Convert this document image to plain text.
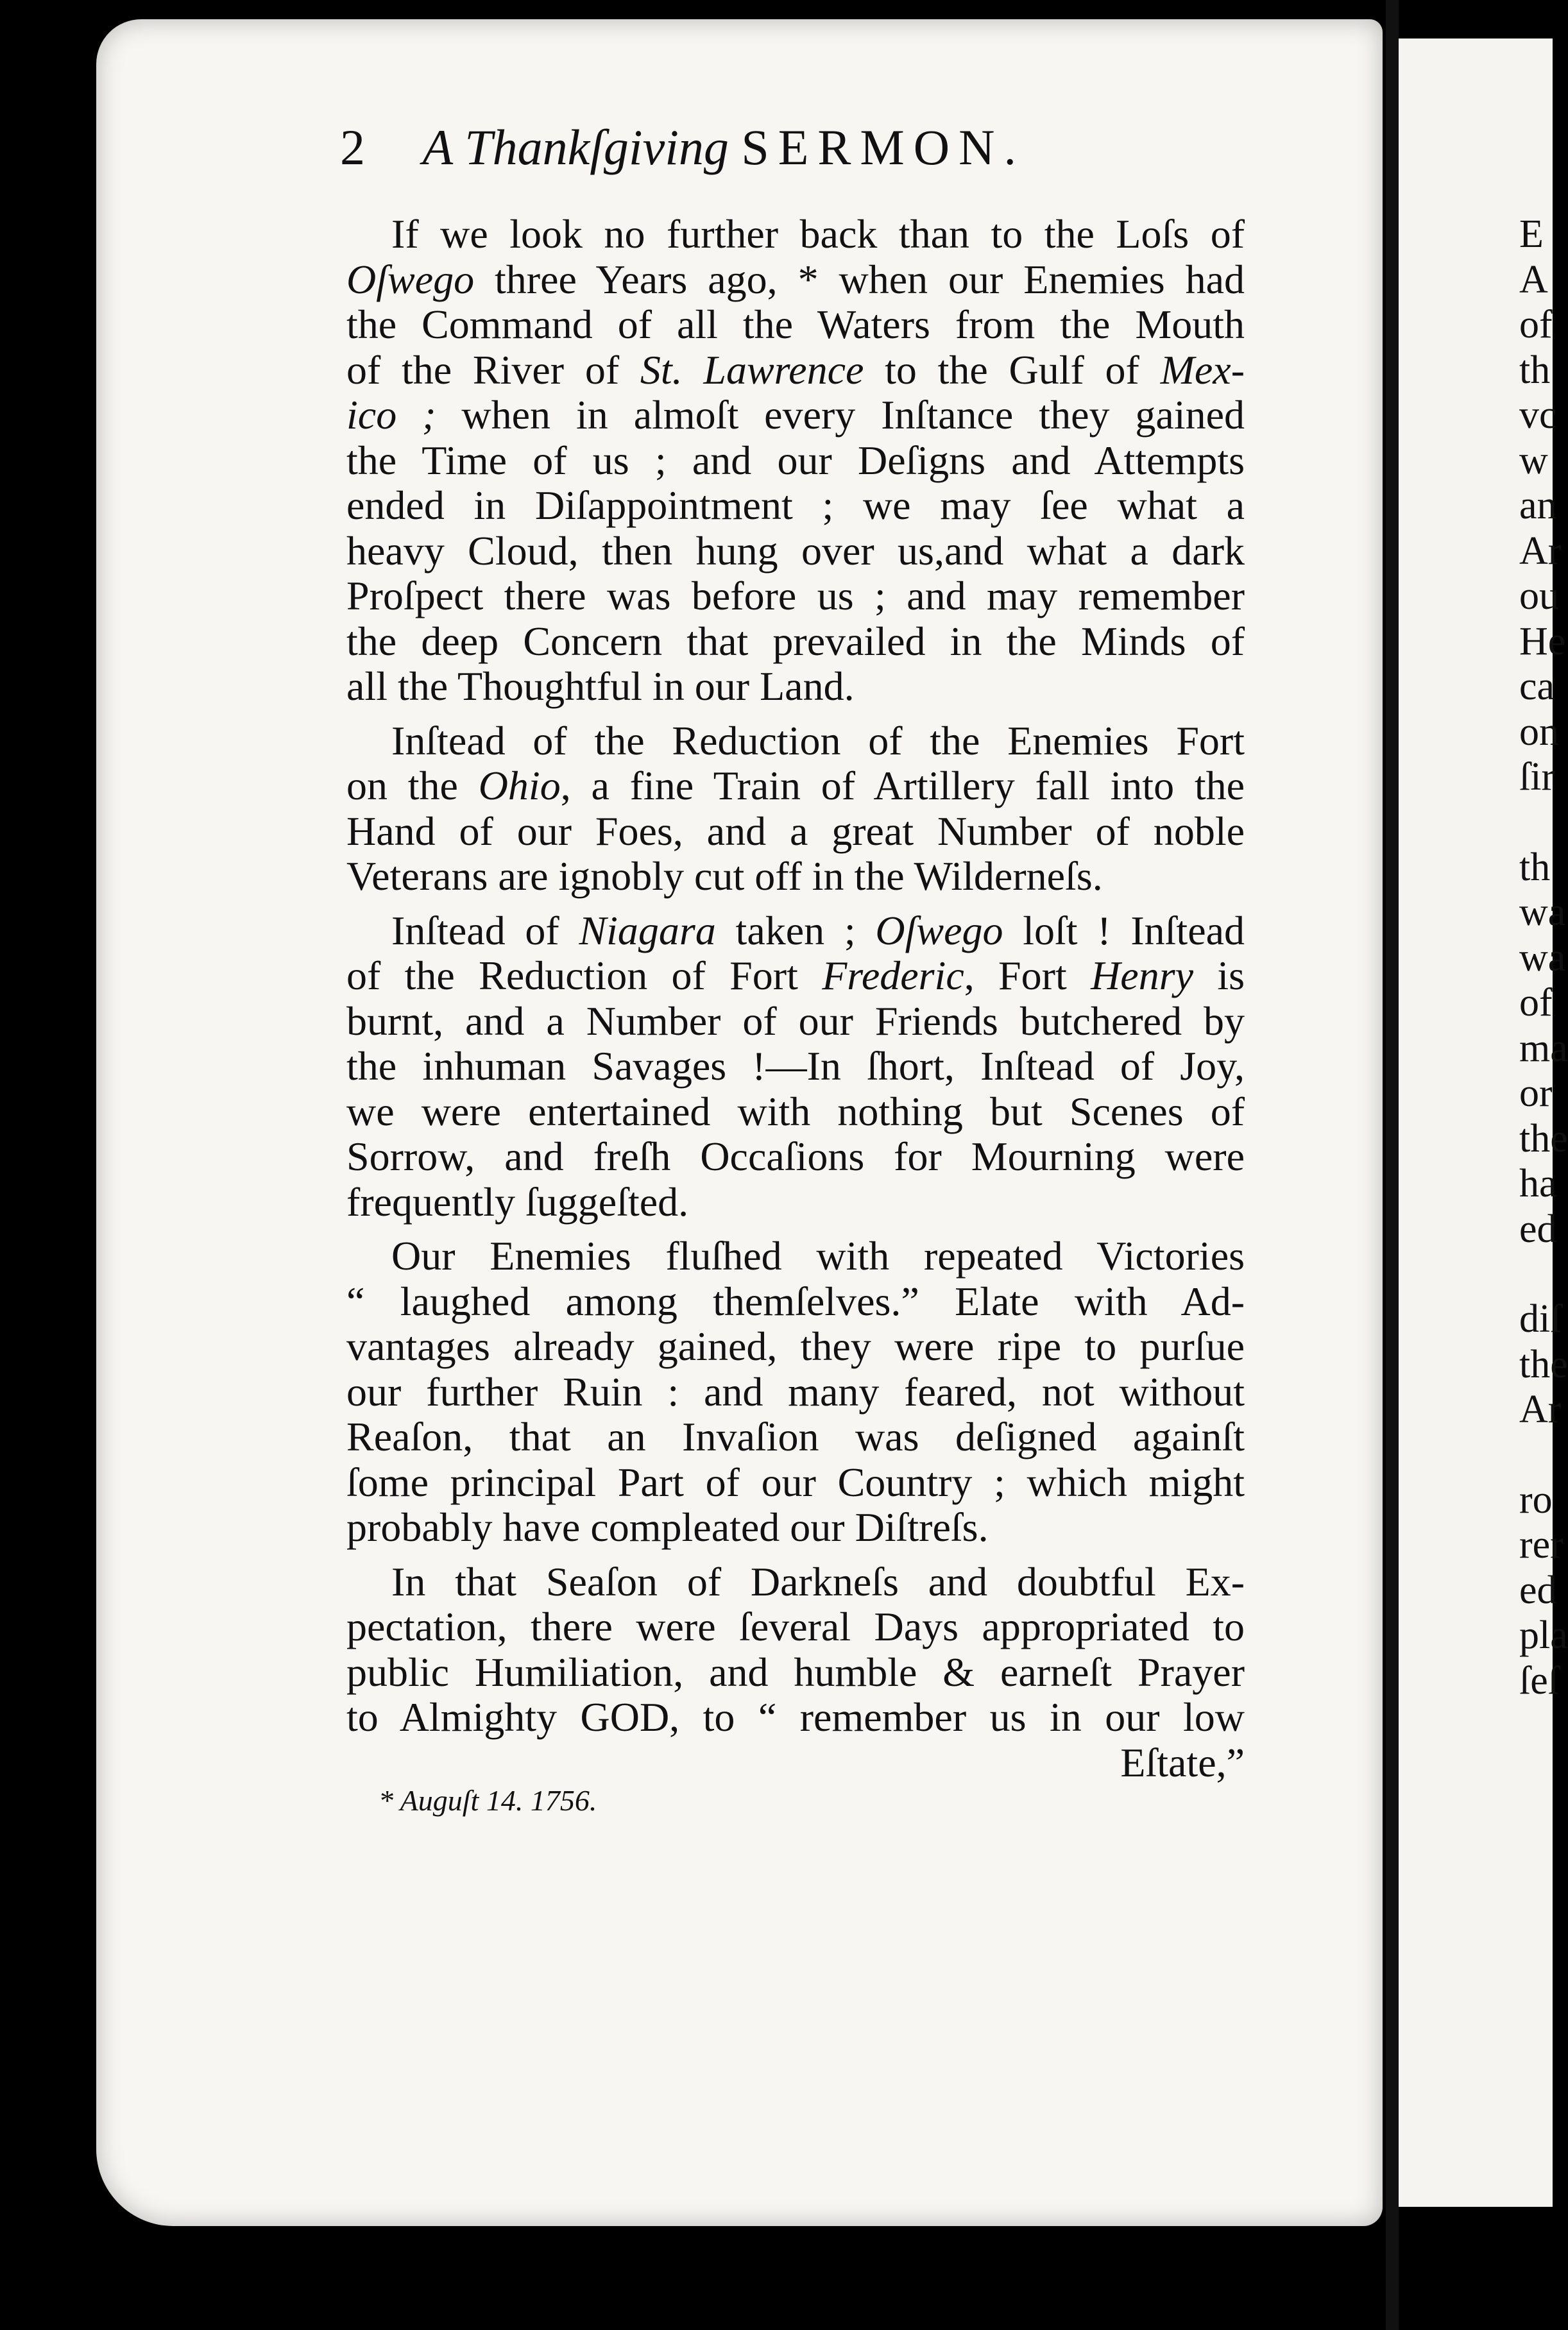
2 A Thankſgiving SERMON.
If we look no further back than to the Loſs of
Oſwego three Years ago, * when our Enemies had
the Command of all the Waters from the Mouth
of the River of St. Lawrence to the Gulf of Mex-
ico ; when in almoſt every Inſtance they gained
the Time of us ; and our Deſigns and Attempts
ended in Diſappointment ; we may ſee what a
heavy Cloud, then hung over us,and what a dark
Proſpect there was before us ; and may remember
the deep Concern that prevailed in the Minds of
all the Thoughtful in our Land.
Inſtead of the Reduction of the Enemies Fort
on the Ohio, a fine Train of Artillery fall into the
Hand of our Foes, and a great Number of noble
Veterans are ignobly cut off in the Wilderneſs.
Inſtead of Niagara taken ; Oſwego loſt ! Inſtead
of the Reduction of Fort Frederic, Fort Henry is
burnt, and a Number of our Friends butchered by
the inhuman Savages !—In ſhort, Inſtead of Joy,
we were entertained with nothing but Scenes of
Sorrow, and freſh Occaſions for Mourning were
frequently ſuggeſted.
Our Enemies fluſhed with repeated Victories
“ laughed among themſelves.” Elate with Ad-
vantages already gained, they were ripe to purſue
our further Ruin : and many feared, not without
Reaſon, that an Invaſion was deſigned againſt
ſome principal Part of our Country ; which might
probably have compleated our Diſtreſs.
In that Seaſon of Darkneſs and doubtful Ex-
pectation, there were ſeveral Days appropriated to
public Humiliation, and humble & earneſt Prayer
to Almighty GOD, to “ remember us in our low
Eſtate,”
* Auguſt 14. 1756.
E
A
of
th
vc
w
an
Ar
ou
He
ca
on
ſir
th
wa
wa
of
ma
or
the
ha
ed
diſ
the
Ar
ro
rer
ed
pla
ſeſ
